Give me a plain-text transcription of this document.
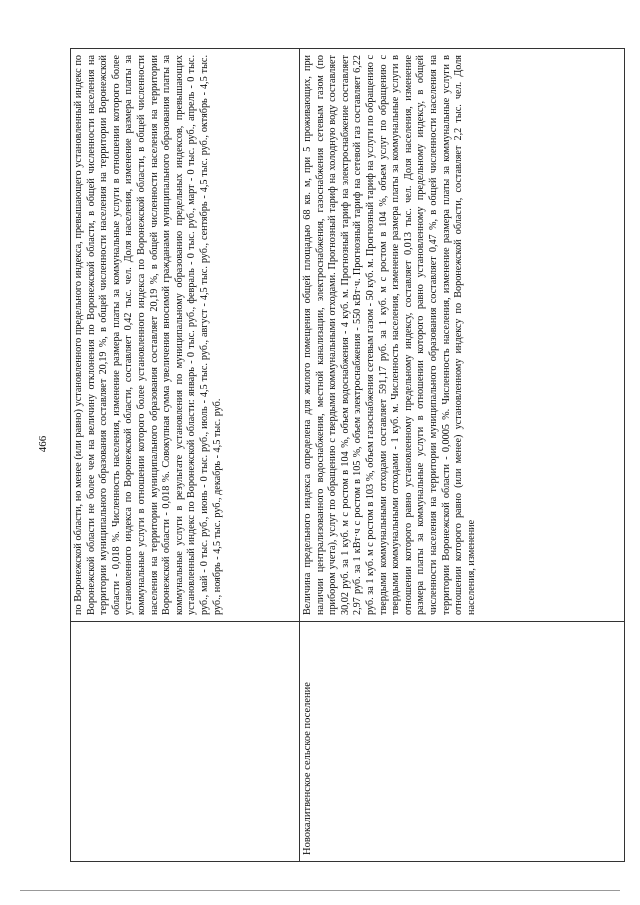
466 по Воронежской области, но менее (или равно) установленного предельного индекса, превышающего установленный индекс по Воронежской области не более чем на величину отклонения по Воронежской области, в общей численности населения на территории муниципального образования составляет 20,19 %, в общей численности населения на территории Воронежской области - 0,018 %. Численность населения, изменение размера платы за коммунальные услуги в отношении которого более установленного индекса по Воронежской области, составляет 0,42 тыс. чел. Доля населения, изменение размера платы за коммунальные услуги в отношении которого более установленного индекса по Воронежской области, в общей численности населения на территории муниципального образования составляет 20,19 %, в общей численности населения на территории Воронежской области - 0,018 %. Совокупная сумма увеличения вносимой гражданами муниципального образования платы за коммунальные услуги в результате установления по муниципальному образованию предельных индексов, превышающих установленный индекс по Воронежской области: январь - 0 тыс. руб., февраль - 0 тыс. руб., март - 0 тыс. руб., апрель - 0 тыс. руб., май - 0 тыс. руб., июнь - 0 тыс. руб., июль - 4,5 тыс. руб., август - 4,5 тыс. руб., сентябрь - 4,5 тыс. руб., октябрь - 4,5 тыс. руб., ноябрь - 4,5 тыс. руб., декабрь - 4,5 тыс. руб.
Новокалитвенское сельское поселение
Величина предельного индекса определена для жилого помещения общей площадью 68 кв. м, при 5 проживающих, при наличии централизованного водоснабжения, местной канализации, электроснабжения, газоснабжения сетевым газом (по прибором учета), услуг по обращению с твердыми коммунальными отходами. Прогнозный тариф на холодную воду составляет 30,02 руб. за 1 куб. м с ростом в 104 %, объем водоснабжения - 4 куб. м. Прогнозный тариф на электроснабжение составляет 2,97 руб. за 1 кВт·ч с ростом в 105 %, объем электроснабжения - 550 кВт·ч. Прогнозный тариф на сетевой газ составляет 6,22 руб. за 1 куб. м с ростом в 103 %, объем газоснабжения сетевым газом - 50 куб. м. Прогнозный тариф на услуги по обращению с твердыми коммунальными отходами составляет 591,17 руб. за 1 куб. м с ростом в 104 %, объем услуг по обращению с твердыми коммунальными отходами - 1 куб. м. Численность населения, изменение размера платы за коммунальные услуги в отношении которого равно установленному предельному индексу, составляет 0,013 тыс. чел. Доля населения, изменение размера платы за коммунальные услуги в отношении которого равно установленному предельному индексу, в общей численности населения на территории муниципального образования составляет 0,47 %, в общей численности населения на территории Воронежской области - 0,0005 %. Численность населения, изменение размера платы за коммунальные услуги в отношении которого равно (или менее) установленному индексу по Воронежской области, составляет 2,2 тыс. чел. Доля населения, изменение
